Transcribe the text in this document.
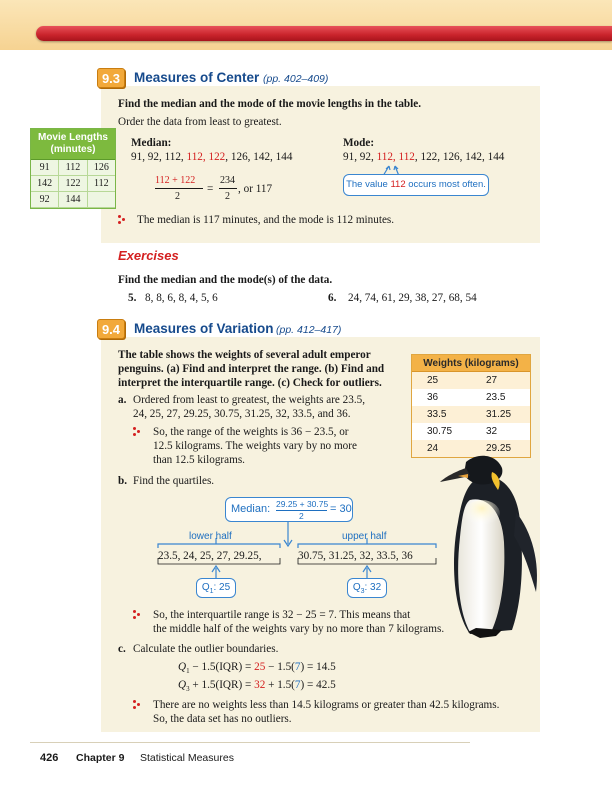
9.3	Measures of Center (pp. 402–409)
Find the median and the mode of the movie lengths in the table.
Order the data from least to greatest.
Movie Lengths
(minutes)
91	112	126
142	122	112
92	144
Median:
91, 92, 112, 112, 122, 126, 142, 144
112 + 122
2
=
234
2
, or 117
Mode:
91, 92, 112, 112, 122, 126, 142, 144
The value 112 occurs most often.
The median is 117 minutes, and the mode is 112 minutes.
Exercises
Find the median and the mode(s) of the data.
5. 8, 8, 6, 8, 4, 5, 6	6. 24, 74, 61, 29, 38, 27, 68, 54
9.4	Measures of Variation (pp. 412–417)
The table shows the weights of several adult emperor
penguins. (a) Find and interpret the range. (b) Find and
interpret the interquartile range. (c) Check for outliers.
a. Ordered from least to greatest, the weights are 23.5,
24, 25, 27, 29.25, 30.75, 31.25, 32, 33.5, and 36.
So, the range of the weights is 36 − 23.5, or
12.5 kilograms. The weights vary by no more
than 12.5 kilograms.
Weights (kilograms)
25	27
36	23.5
33.5	31.25
30.75	32
24	29.25
b. Find the quartiles.
Median: 29.25 + 30.75
2
= 30
lower half	upper half
23.5, 24, 25, 27, 29.25,	30.75, 31.25, 32, 33.5, 36
$Q_1$: 25	$Q_3$: 32
So, the interquartile range is 32 − 25 = 7. This means that
the middle half of the weights vary by no more than 7 kilograms.
c. Calculate the outlier boundaries.
$Q_1 - 1.5(IQR) = 25 - 1.5(7) = 14.5$
$Q_3 + 1.5(IQR) = 32 + 1.5(7) = 42.5$
There are no weights less than 14.5 kilograms or greater than 42.5 kilograms.
So, the data set has no outliers.
426 Chapter 9 Statistical Measures
